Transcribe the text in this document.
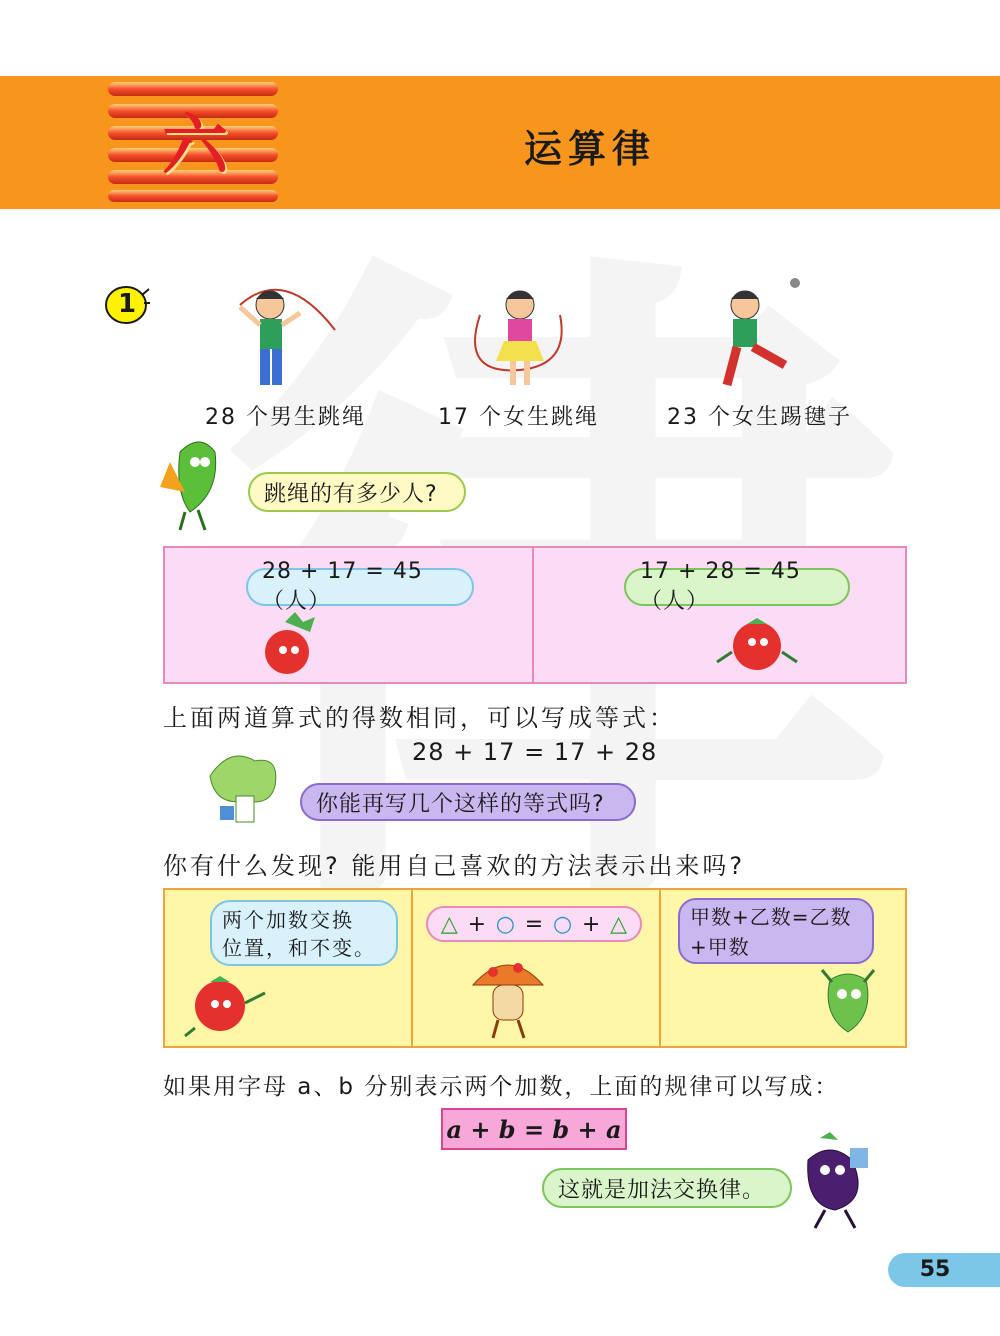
六	运算律
1
28 个男生跳绳	17 个女生跳绳	23 个女生踢毽子
跳绳的有多少人?
28 + 17 = 45（人）
17 + 28 = 45（人）
上面两道算式的得数相同，可以写成等式：
28 + 17 = 17 + 28
你能再写几个这样的等式吗?
你有什么发现? 能用自己喜欢的方法表示出来吗?
两个加数交换
位置，和不变。
△ + ○ = ○ + △	甲数+乙数=乙数
+甲数
如果用字母 a、b 分别表示两个加数，上面的规律可以写成：
a + b = b + a
这就是加法交换律。
55
